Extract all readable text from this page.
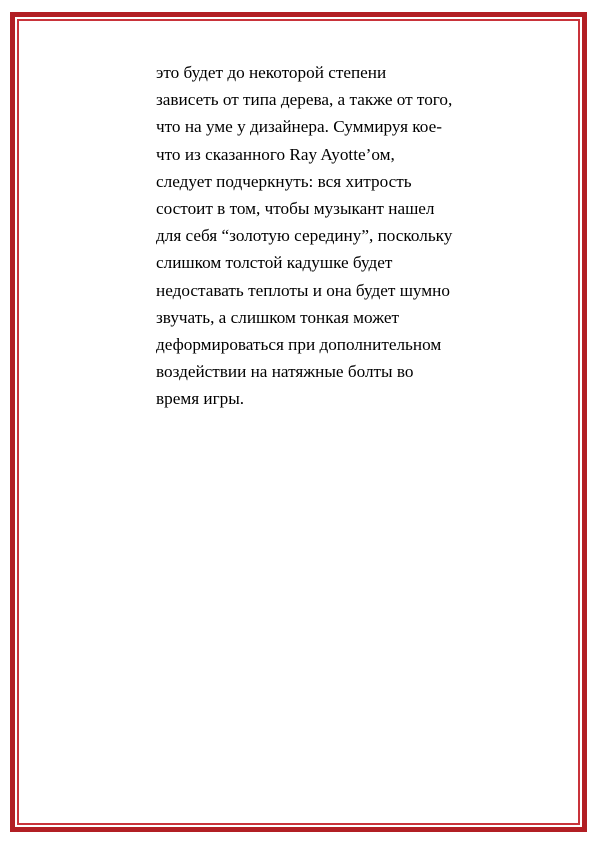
это будет до некоторой степени
зависеть от типа дерева, а также от того,
что на уме у дизайнера. Суммируя кое-
что из сказанного Ray Ayotte’ом,
следует подчеркнуть: вся хитрость
состоит в том, чтобы музыкант нашел
для себя “золотую середину”, поскольку
слишком толстой кадушке будет
недоставать теплоты и она будет шумно
звучать, а слишком тонкая может
деформироваться при дополнительном
воздействии на натяжные болты во
время игры.
